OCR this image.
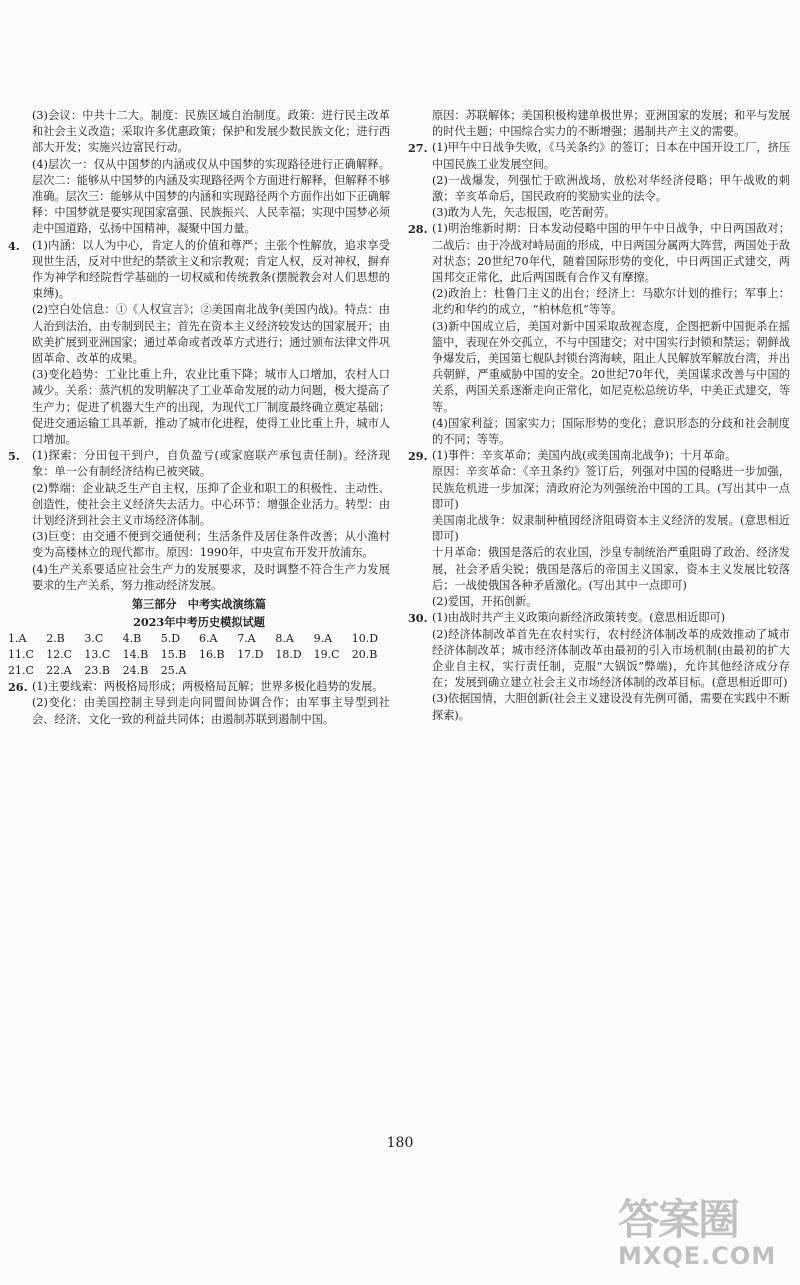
(3)会议：中共十二大。制度：民族区域自治制度。政策：进行民主改革和社会主义改造；采取许多优惠政策；保护和发展少数民族文化；进行西部大开发；实施兴边富民行动。

(4)层次一：仅从中国梦的内涵或仅从中国梦的实现路径进行正确解释。层次二：能够从中国梦的内涵及实现路径两个方面进行解释，但解释不够准确。层次三：能够从中国梦的内涵和实现路径两个方面作出如下正确解释：中国梦就是要实现国家富强、民族振兴、人民幸福；实现中国梦必须走中国道路，弘扬中国精神，凝聚中国力量。

4.	(1)内涵：以人为中心，肯定人的价值和尊严；主张个性解放，追求享受现世生活，反对中世纪的禁欲主义和宗教观；肯定人权，反对神权，摒弃作为神学和经院哲学基础的一切权威和传统教条(摆脱教会对人们思想的束缚)。

(2)空白处信息：①《人权宣言》；②美国南北战争(美国内战)。特点：由人治到法治，由专制到民主；首先在资本主义经济较发达的国家展开；由欧美扩展到亚洲国家；通过革命或者改革方式进行；通过颁布法律文件巩固革命、改革的成果。

(3)变化趋势：工业比重上升，农业比重下降；城市人口增加，农村人口减少。关系：蒸汽机的发明解决了工业革命发展的动力问题，极大提高了生产力；促进了机器大生产的出现，为现代工厂制度最终确立奠定基础；促进交通运输工具革新，推动了城市化进程，使得工业比重上升，城市人口增加。

5.	(1)探索：分田包干到户，自负盈亏(或家庭联产承包责任制)。经济现象：单一公有制经济结构已被突破。

(2)弊端：企业缺乏生产自主权，压抑了企业和职工的积极性、主动性、创造性，使社会主义经济失去活力。中心环节：增强企业活力。转型：由计划经济到社会主义市场经济体制。

(3)巨变：由交通不便到交通便利；生活条件及居住条件改善；从小渔村变为高楼林立的现代都市。原因：1990年，中央宣布开发开放浦东。

(4)生产关系要适应社会生产力的发展要求，及时调整不符合生产力发展要求的生产关系，努力推动经济发展。

第三部分　中考实战演练篇
2023年中考历史模拟试题
1.A	2.B	3.C	4.B	5.D	6.A	7.A	8.A	9.A	10.D
11.C	12.C	13.C	14.B	15.B	16.B	17.D	18.D	19.C	20.B
21.C	22.A	23.B	24.B	25.A
26. (1)主要线索：两极格局形成；两极格局瓦解；世界多极化趋势的发展。

(2)变化：由美国控制主导到走向同盟间协调合作；由军事主导型到社会、经济、文化一致的利益共同体；由遏制苏联到遏制中国。

原因：苏联解体；美国积极构建单极世界；亚洲国家的发展；和平与发展的时代主题；中国综合实力的不断增强；遏制共产主义的需要。

27. (1)甲午中日战争失败，《马关条约》的签订；日本在中国开设工厂，挤压中国民族工业发展空间。

(2)一战爆发，列强忙于欧洲战场，放松对华经济侵略；甲午战败的刺激；辛亥革命后，国民政府的奖励实业的法令。

(3)敢为人先，矢志报国，吃苦耐劳。

28. (1)明治维新时期：日本发动侵略中国的甲午中日战争，中日两国敌对；二战后：由于冷战对峙局面的形成，中日两国分属两大阵营，两国处于敌对状态；20世纪70年代，随着国际形势的变化，中日两国正式建交，两国邦交正常化，此后两国既有合作又有摩擦。

(2)政治上：杜鲁门主义的出台；经济上：马歇尔计划的推行；军事上：北约和华约的成立，“柏林危机”等等。

(3)新中国成立后，美国对新中国采取敌视态度，企图把新中国扼杀在摇篮中，表现在外交孤立，不与中国建交；对中国实行封锁和禁运；朝鲜战争爆发后，美国第七舰队封锁台湾海峡，阻止人民解放军解放台湾，并出兵朝鲜，严重威胁中国的安全。20世纪70年代，美国谋求改善与中国的关系，两国关系逐渐走向正常化，如尼克松总统访华，中美正式建交，等等。

(4)国家利益；国家实力；国际形势的变化；意识形态的分歧和社会制度的不同；等等。

29. (1)事件：辛亥革命；美国内战(或美国南北战争)；十月革命。

原因：辛亥革命：《辛丑条约》签订后，列强对中国的侵略进一步加强，民族危机进一步加深；清政府沦为列强统治中国的工具。(写出其中一点即可)

美国南北战争：奴隶制种植园经济阻碍资本主义经济的发展。(意思相近即可)

十月革命：俄国是落后的农业国，沙皇专制统治严重阻碍了政治、经济发展，社会矛盾尖锐；俄国是落后的帝国主义国家，资本主义发展比较落后；一战使俄国各种矛盾激化。(写出其中一点即可)

(2)爱国，开拓创新。

30. (1)由战时共产主义政策向新经济政策转变。(意思相近即可)

(2)经济体制改革首先在农村实行，农村经济体制改革的成效推动了城市经济体制改革；城市经济体制改革由最初的引入市场机制(由最初的扩大企业自主权，实行责任制，克服“大锅饭”弊端)，允许其他经济成分存在；发展到确立建立社会主义市场经济体制的改革目标。(意思相近即可)

(3)依据国情，大胆创新(社会主义建设没有先例可循，需要在实践中不断探索)。

180
答案圈
MXQE.COM
